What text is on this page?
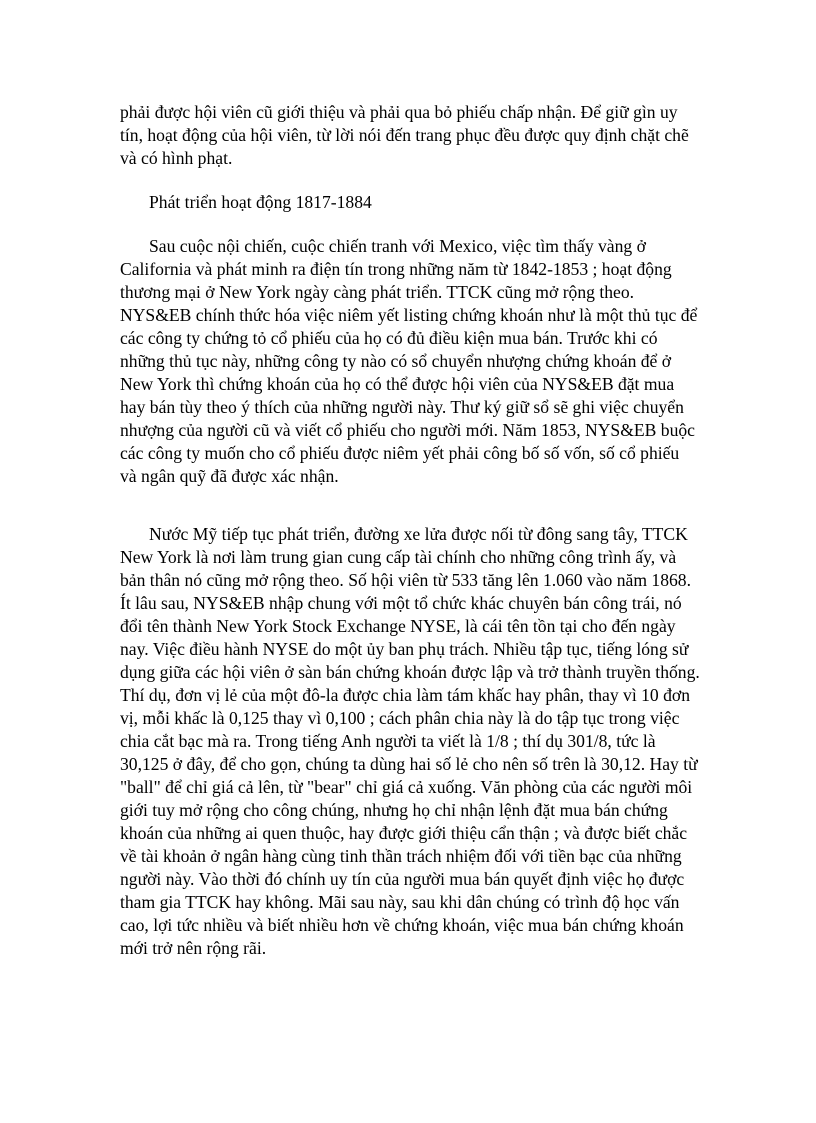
phải được hội viên cũ giới thiệu và phải qua bỏ phiếu chấp nhận. Để giữ gìn uy tín, hoạt động của hội viên, từ lời nói đến trang phục đều được quy định chặt chẽ và có hình phạt.

Phát triển hoạt động 1817-1884

Sau cuộc nội chiến, cuộc chiến tranh với Mexico, việc tìm thấy vàng ở California và phát minh ra điện tín trong những năm từ 1842-1853 ; hoạt động thương mại ở New York ngày càng phát triển. TTCK cũng mở rộng theo. NYS&EB chính thức hóa việc niêm yết listing chứng khoán như là một thủ tục để các công ty chứng tỏ cổ phiếu của họ có đủ điều kiện mua bán. Trước khi có những thủ tục này, những công ty nào có sổ chuyển nhượng chứng khoán để ở New York thì chứng khoán của họ có thể được hội viên của NYS&EB đặt mua hay bán tùy theo ý thích của những người này. Thư ký giữ sổ sẽ ghi việc chuyển nhượng của người cũ và viết cổ phiếu cho người mới. Năm 1853, NYS&EB buộc các công ty muốn cho cổ phiếu được niêm yết phải công bố số vốn, số cổ phiếu và ngân quỹ đã được xác nhận.

Nước Mỹ tiếp tục phát triển, đường xe lửa được nối từ đông sang tây, TTCK New York là nơi làm trung gian cung cấp tài chính cho những công trình ấy, và bản thân nó cũng mở rộng theo. Số hội viên từ 533 tăng lên 1.060 vào năm 1868. Ít lâu sau, NYS&EB nhập chung với một tổ chức khác chuyên bán công trái, nó đổi tên thành New York Stock Exchange NYSE, là cái tên tồn tại cho đến ngày nay. Việc điều hành NYSE do một ủy ban phụ trách. Nhiều tập tục, tiếng lóng sử dụng giữa các hội viên ở sàn bán chứng khoán được lập và trở thành truyền thống. Thí dụ, đơn vị lẻ của một đô-la được chia làm tám khấc hay phân, thay vì 10 đơn vị, mỗi khấc là 0,125 thay vì 0,100 ; cách phân chia này là do tập tục trong việc chia cắt bạc mà ra. Trong tiếng Anh người ta viết là 1/8 ; thí dụ 301/8, tức là 30,125 ở đây, để cho gọn, chúng ta dùng hai số lẻ cho nên số trên là 30,12. Hay từ "ball" để chỉ giá cả lên, từ "bear" chỉ giá cả xuống. Văn phòng của các người môi giới tuy mở rộng cho công chúng, nhưng họ chỉ nhận lệnh đặt mua bán chứng khoán của những ai quen thuộc, hay được giới thiệu cẩn thận ; và được biết chắc về tài khoản ở ngân hàng cùng tinh thần trách nhiệm đối với tiền bạc của những người này. Vào thời đó chính uy tín của người mua bán quyết định việc họ được tham gia TTCK hay không. Mãi sau này, sau khi dân chúng có trình độ học vấn cao, lợi tức nhiều và biết nhiều hơn về chứng khoán, việc mua bán chứng khoán mới trở nên rộng rãi.
